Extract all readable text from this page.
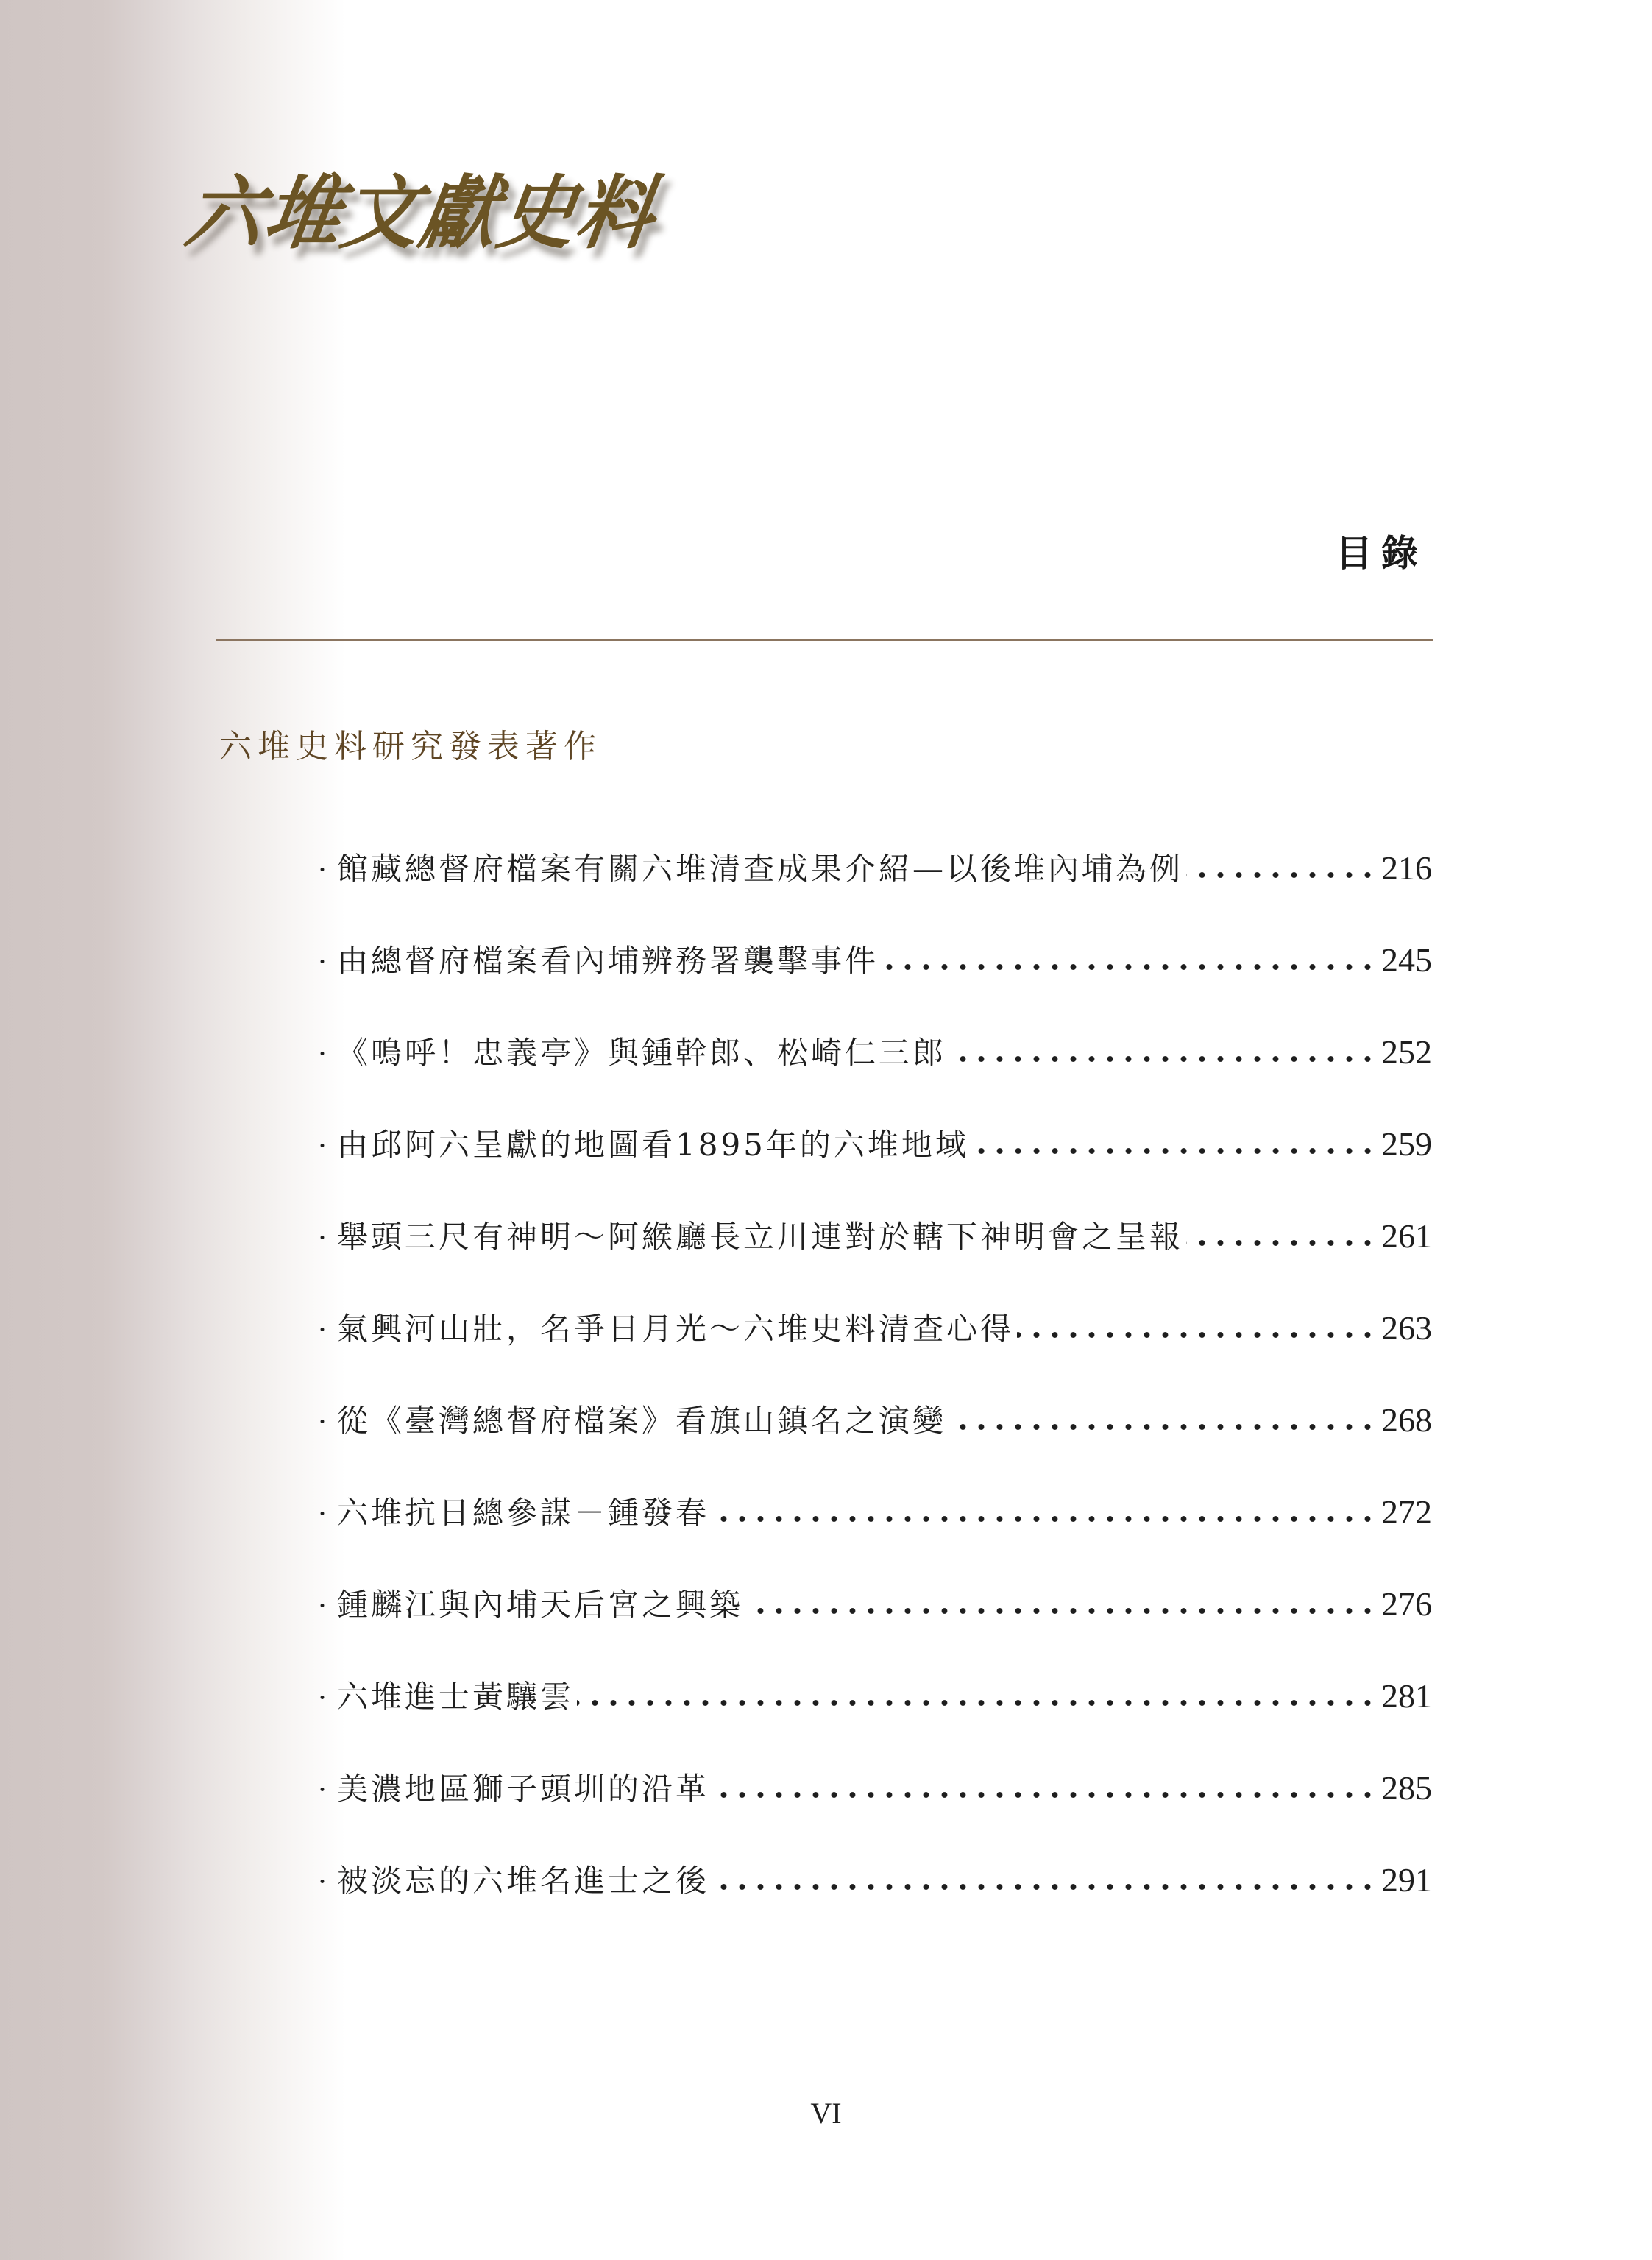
六堆文獻史料
目錄
六堆史料研究發表著作
· 館藏總督府檔案有關六堆清查成果介紹—以後堆內埔為例	216
· 由總督府檔案看內埔辨務署襲擊事件	245
· 《嗚呼！忠義亭》與鍾幹郎、松崎仁三郎	252
· 由邱阿六呈獻的地圖看1895年的六堆地域	259
· 舉頭三尺有神明～阿緱廳長立川連對於轄下神明會之呈報	261
· 氣興河山壯，名爭日月光～六堆史料清查心得	263
· 從《臺灣總督府檔案》看旗山鎮名之演變	268
· 六堆抗日總參謀－鍾發春	272
· 鍾麟江與內埔天后宮之興築	276
· 六堆進士黃驤雲	281
· 美濃地區獅子頭圳的沿革	285
· 被淡忘的六堆名進士之後	291
VI
